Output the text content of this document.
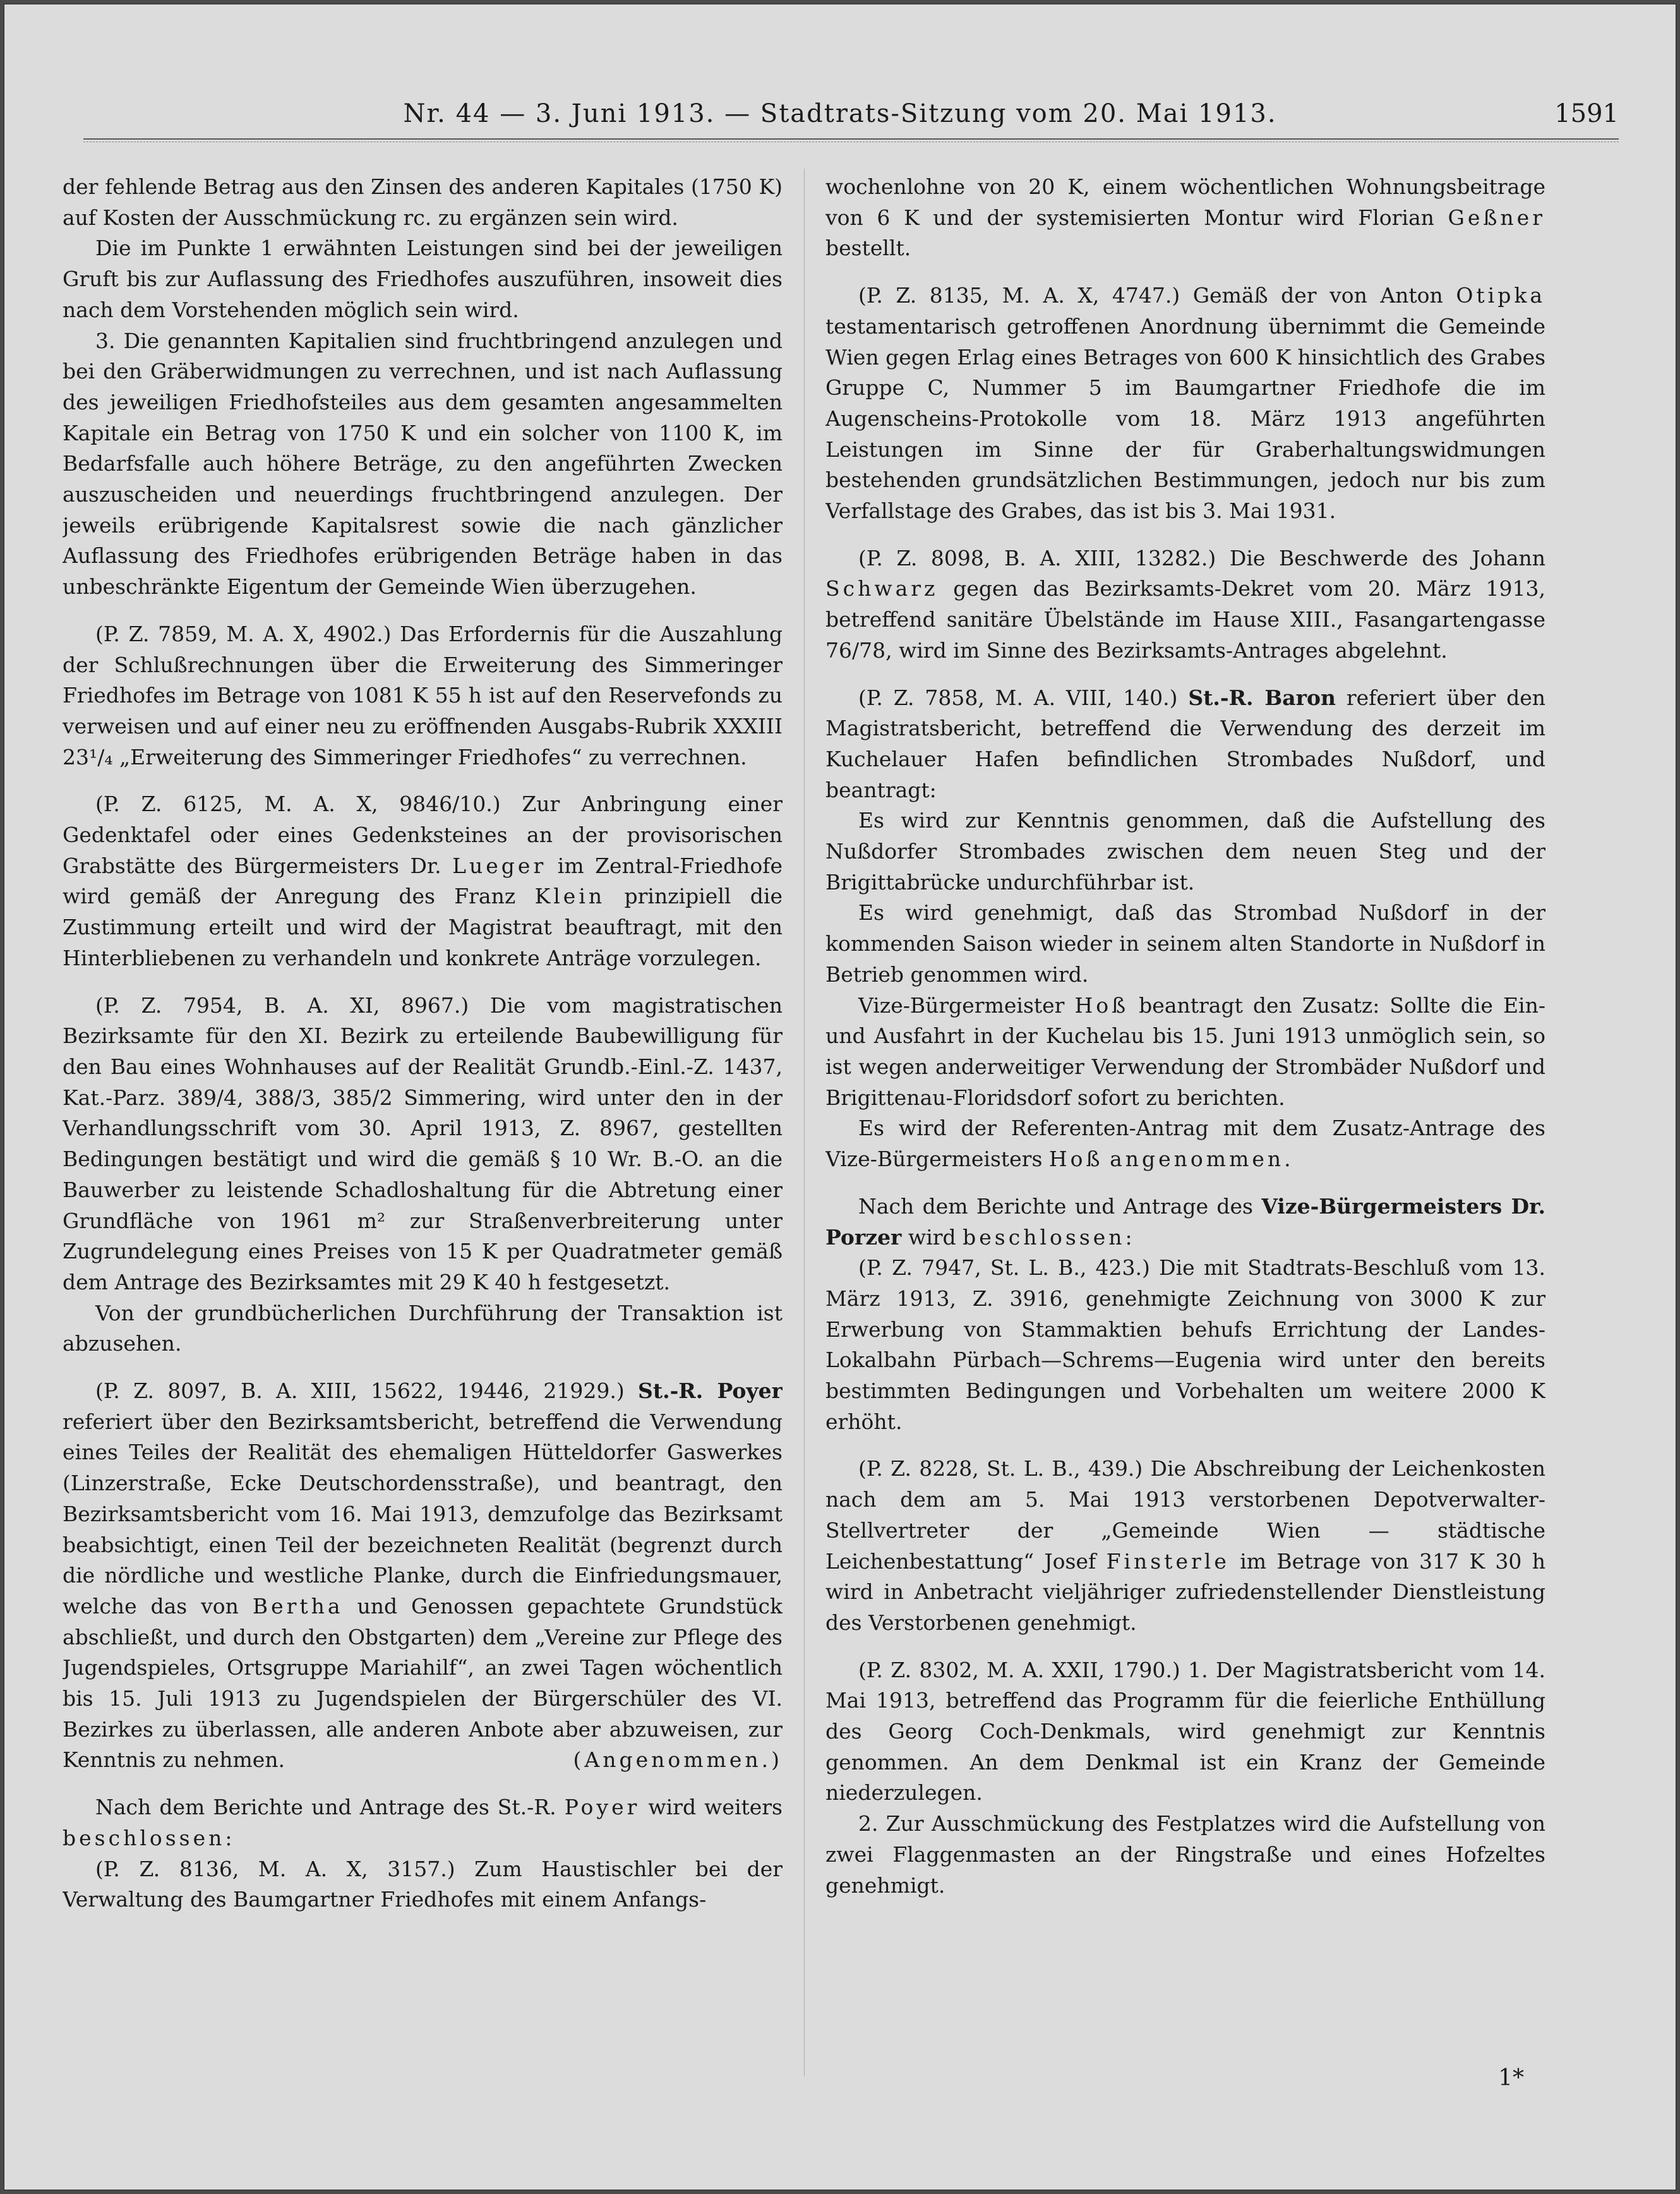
Nr. 44 — 3. Juni 1913. — Stadtrats-Sitzung vom 20. Mai 1913.	1591

der fehlende Betrag aus den Zinsen des anderen Kapitales (1750 K) auf Kosten der Ausschmückung rc. zu ergänzen sein wird.

Die im Punkte 1 erwähnten Leistungen sind bei der jeweiligen Gruft bis zur Auflassung des Friedhofes auszuführen, insoweit dies nach dem Vorstehenden möglich sein wird.

3. Die genannten Kapitalien sind fruchtbringend anzulegen und bei den Gräberwidmungen zu verrechnen, und ist nach Auflassung des jeweiligen Friedhofsteiles aus dem gesamten angesammelten Kapitale ein Betrag von 1750 K und ein solcher von 1100 K, im Bedarfsfalle auch höhere Beträge, zu den angeführten Zwecken auszuscheiden und neuerdings fruchtbringend anzulegen. Der jeweils erübrigende Kapitalsrest sowie die nach gänzlicher Auflassung des Friedhofes erübrigenden Beträge haben in das unbeschränkte Eigentum der Gemeinde Wien überzugehen.

(P. Z. 7859, M. A. X, 4902.) Das Erfordernis für die Auszahlung der Schlußrechnungen über die Erweiterung des Simmeringer Friedhofes im Betrage von 1081 K 55 h ist auf den Reservefonds zu verweisen und auf einer neu zu eröffnenden Ausgabs-Rubrik XXXIII 23¹/₄ „Erweiterung des Simmeringer Friedhofes“ zu verrechnen.

(P. Z. 6125, M. A. X, 9846/10.) Zur Anbringung einer Gedenktafel oder eines Gedenksteines an der provisorischen Grabstätte des Bürgermeisters Dr. Lueger im Zentral-Friedhofe wird gemäß der Anregung des Franz Klein prinzipiell die Zustimmung erteilt und wird der Magistrat beauftragt, mit den Hinterbliebenen zu verhandeln und konkrete Anträge vorzulegen.

(P. Z. 7954, B. A. XI, 8967.) Die vom magistratischen Bezirksamte für den XI. Bezirk zu erteilende Baubewilligung für den Bau eines Wohnhauses auf der Realität Grundb.-Einl.-Z. 1437, Kat.-Parz. 389/4, 388/3, 385/2 Simmering, wird unter den in der Verhandlungsschrift vom 30. April 1913, Z. 8967, gestellten Bedingungen bestätigt und wird die gemäß § 10 Wr. B.-O. an die Bauwerber zu leistende Schadloshaltung für die Abtretung einer Grundfläche von 1961 m² zur Straßenverbreiterung unter Zugrundelegung eines Preises von 15 K per Quadratmeter gemäß dem Antrage des Bezirksamtes mit 29 K 40 h festgesetzt.

Von der grundbücherlichen Durchführung der Transaktion ist abzusehen.

(P. Z. 8097, B. A. XIII, 15622, 19446, 21929.) St.-R. Poyer referiert über den Bezirksamtsbericht, betreffend die Verwendung eines Teiles der Realität des ehemaligen Hütteldorfer Gaswerkes (Linzerstraße, Ecke Deutschordensstraße), und beantragt, den Bezirksamtsbericht vom 16. Mai 1913, demzufolge das Bezirksamt beabsichtigt, einen Teil der bezeichneten Realität (begrenzt durch die nördliche und westliche Planke, durch die Einfriedungsmauer, welche das von Bertha und Genossen gepachtete Grundstück abschließt, und durch den Obstgarten) dem „Vereine zur Pflege des Jugendspieles, Ortsgruppe Mariahilf“, an zwei Tagen wöchentlich bis 15. Juli 1913 zu Jugendspielen der Bürgerschüler des VI. Bezirkes zu überlassen, alle anderen Anbote aber abzuweisen, zur Kenntnis zu nehmen.	(Angenommen.)

Nach dem Berichte und Antrage des St.-R. Poyer wird weiters beschlossen:

(P. Z. 8136, M. A. X, 3157.) Zum Haustischler bei der Verwaltung des Baumgartner Friedhofes mit einem Anfangs-

wochenlohne von 20 K, einem wöchentlichen Wohnungsbeitrage von 6 K und der systemisierten Montur wird Florian Geßner bestellt.

(P. Z. 8135, M. A. X, 4747.) Gemäß der von Anton Otipka testamentarisch getroffenen Anordnung übernimmt die Gemeinde Wien gegen Erlag eines Betrages von 600 K hinsichtlich des Grabes Gruppe C, Nummer 5 im Baumgartner Friedhofe die im Augenscheins-Protokolle vom 18. März 1913 angeführten Leistungen im Sinne der für Graberhaltungswidmungen bestehenden grundsätzlichen Bestimmungen, jedoch nur bis zum Verfallstage des Grabes, das ist bis 3. Mai 1931.

(P. Z. 8098, B. A. XIII, 13282.) Die Beschwerde des Johann Schwarz gegen das Bezirksamts-Dekret vom 20. März 1913, betreffend sanitäre Übelstände im Hause XIII., Fasangartengasse 76/78, wird im Sinne des Bezirksamts-Antrages abgelehnt.

(P. Z. 7858, M. A. VIII, 140.) St.-R. Baron referiert über den Magistratsbericht, betreffend die Verwendung des derzeit im Kuchelauer Hafen befindlichen Strombades Nußdorf, und beantragt:

Es wird zur Kenntnis genommen, daß die Aufstellung des Nußdorfer Strombades zwischen dem neuen Steg und der Brigittabrücke undurchführbar ist.

Es wird genehmigt, daß das Strombad Nußdorf in der kommenden Saison wieder in seinem alten Standorte in Nußdorf in Betrieb genommen wird.

Vize-Bürgermeister Hoß beantragt den Zusatz: Sollte die Ein- und Ausfahrt in der Kuchelau bis 15. Juni 1913 unmöglich sein, so ist wegen anderweitiger Verwendung der Strombäder Nußdorf und Brigittenau-Floridsdorf sofort zu berichten.

Es wird der Referenten-Antrag mit dem Zusatz-Antrage des Vize-Bürgermeisters Hoß angenommen.

Nach dem Berichte und Antrage des Vize-Bürgermeisters Dr. Porzer wird beschlossen:

(P. Z. 7947, St. L. B., 423.) Die mit Stadtrats-Beschluß vom 13. März 1913, Z. 3916, genehmigte Zeichnung von 3000 K zur Erwerbung von Stammaktien behufs Errichtung der Landes-Lokalbahn Pürbach—Schrems—Eugenia wird unter den bereits bestimmten Bedingungen und Vorbehalten um weitere 2000 K erhöht.

(P. Z. 8228, St. L. B., 439.) Die Abschreibung der Leichenkosten nach dem am 5. Mai 1913 verstorbenen Depotverwalter-Stellvertreter der „Gemeinde Wien — städtische Leichenbestattung“ Josef Finsterle im Betrage von 317 K 30 h wird in Anbetracht vieljähriger zufriedenstellender Dienstleistung des Verstorbenen genehmigt.

(P. Z. 8302, M. A. XXII, 1790.) 1. Der Magistratsbericht vom 14. Mai 1913, betreffend das Programm für die feierliche Enthüllung des Georg Coch-Denkmals, wird genehmigt zur Kenntnis genommen. An dem Denkmal ist ein Kranz der Gemeinde niederzulegen.

2. Zur Ausschmückung des Festplatzes wird die Aufstellung von zwei Flaggenmasten an der Ringstraße und eines Hofzeltes genehmigt.

1*
